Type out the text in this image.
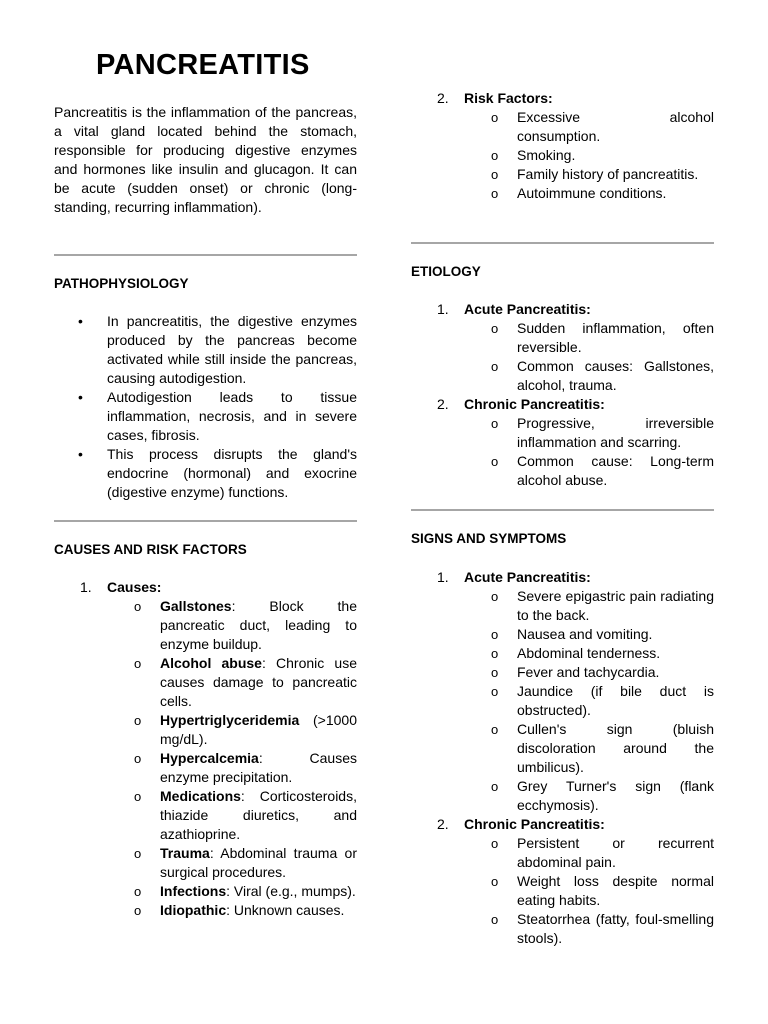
PANCREATITIS

Pancreatitis is the inflammation of the pancreas, a vital gland located behind the stomach, responsible for producing digestive enzymes and hormones like insulin and glucagon. It can be acute (sudden onset) or chronic (long-standing, recurring inflammation).

PATHOPHYSIOLOGY
• In pancreatitis, the digestive enzymes produced by the pancreas become activated while still inside the pancreas, causing autodigestion.
• Autodigestion leads to tissue inflammation, necrosis, and in severe cases, fibrosis.
• This process disrupts the gland's endocrine (hormonal) and exocrine (digestive enzyme) functions.
CAUSES AND RISK FACTORS
1. Causes:
o Gallstones: Block the pancreatic duct, leading to enzyme buildup.
o Alcohol abuse: Chronic use causes damage to pancreatic cells.
o Hypertriglyceridemia (>1000 mg/dL).
o Hypercalcemia: Causes enzyme precipitation.
o Medications: Corticosteroids, thiazide diuretics, and azathioprine.
o Trauma: Abdominal trauma or surgical procedures.
o Infections: Viral (e.g., mumps).
o Idiopathic: Unknown causes.
2. Risk Factors:
o Excessive alcohol consumption.
o Smoking.
o Family history of pancreatitis.
o Autoimmune conditions.
ETIOLOGY
1. Acute Pancreatitis:
o Sudden inflammation, often reversible.
o Common causes: Gallstones, alcohol, trauma.
2. Chronic Pancreatitis:
o Progressive, irreversible inflammation and scarring.
o Common cause: Long-term alcohol abuse.
SIGNS AND SYMPTOMS
1. Acute Pancreatitis:
o Severe epigastric pain radiating to the back.
o Nausea and vomiting.
o Abdominal tenderness.
o Fever and tachycardia.
o Jaundice (if bile duct is obstructed).
o Cullen's sign (bluish discoloration around the umbilicus).
o Grey Turner's sign (flank ecchymosis).
2. Chronic Pancreatitis:
o Persistent or recurrent abdominal pain.
o Weight loss despite normal eating habits.
o Steatorrhea (fatty, foul-smelling stools).
